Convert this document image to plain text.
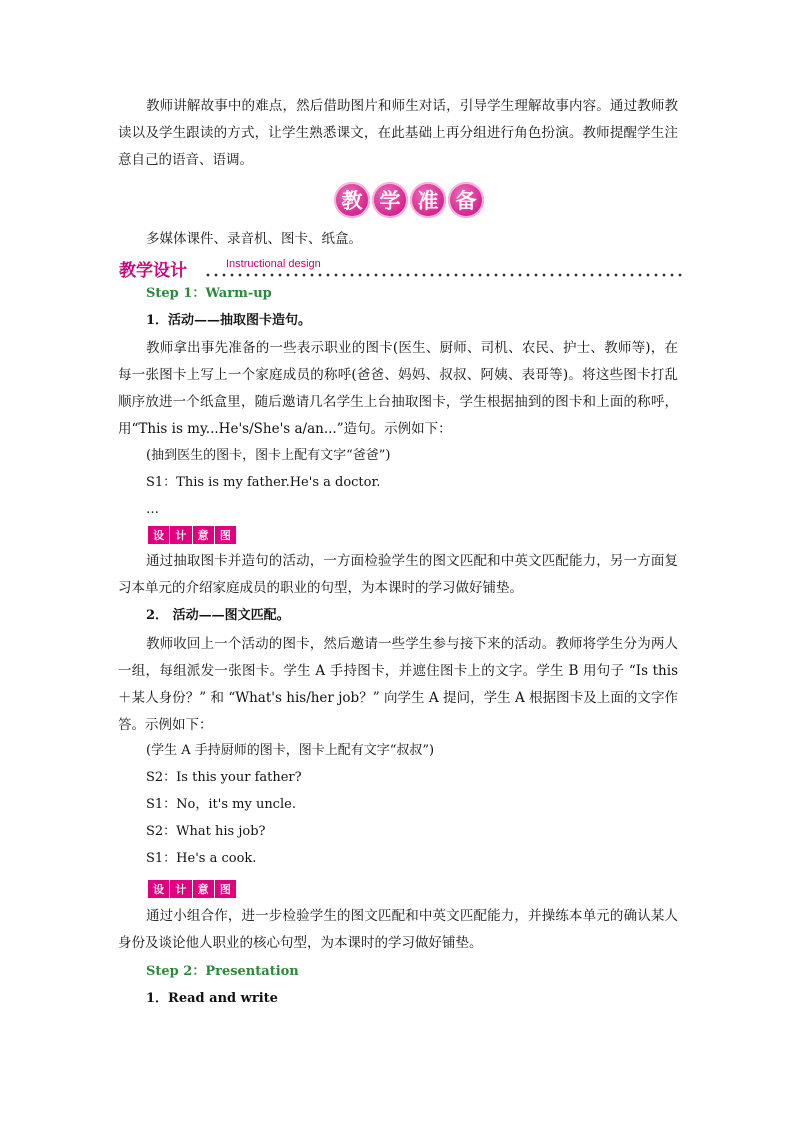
教师讲解故事中的难点，然后借助图片和师生对话，引导学生理解故事内容。通过教师教读以及学生跟读的方式，让学生熟悉课文，在此基础上再分组进行角色扮演。教师提醒学生注意自己的语音、语调。

教 学 准 备

多媒体课件、录音机、图卡、纸盒。

教学设计	Instructional design
Step 1：Warm-up
1．活动——抽取图卡造句。

教师拿出事先准备的一些表示职业的图卡(医生、厨师、司机、农民、护士、教师等)，在每一张图卡上写上一个家庭成员的称呼(爸爸、妈妈、叔叔、阿姨、表哥等)。将这些图卡打乱顺序放进一个纸盒里，随后邀请几名学生上台抽取图卡，学生根据抽到的图卡和上面的称呼，用“This is my...He's/She's a/an...”造句。示例如下：

(抽到医生的图卡，图卡上配有文字“爸爸”)
S1：This is my father.He's a doctor.
…
设	计	意	图

通过抽取图卡并造句的活动，一方面检验学生的图文匹配和中英文匹配能力，另一方面复习本单元的介绍家庭成员的职业的句型，为本课时的学习做好铺垫。

2． 活动——图文匹配。

教师收回上一个活动的图卡，然后邀请一些学生参与接下来的活动。教师将学生分为两人一组，每组派发一张图卡。学生 A 手持图卡，并遮住图卡上的文字。学生 B 用句子 “Is this＋某人身份？” 和 “What's his/her job？” 向学生 A 提问，学生 A 根据图卡及上面的文字作答。示例如下：

(学生 A 手持厨师的图卡，图卡上配有文字“叔叔”)
S2：Is this your father?
S1：No，it's my uncle.
S2：What his job?
S1：He's a cook.
设	计	意	图

通过小组合作，进一步检验学生的图文匹配和中英文匹配能力，并操练本单元的确认某人身份及谈论他人职业的核心句型，为本课时的学习做好铺垫。

Step 2：Presentation
1．Read and write
